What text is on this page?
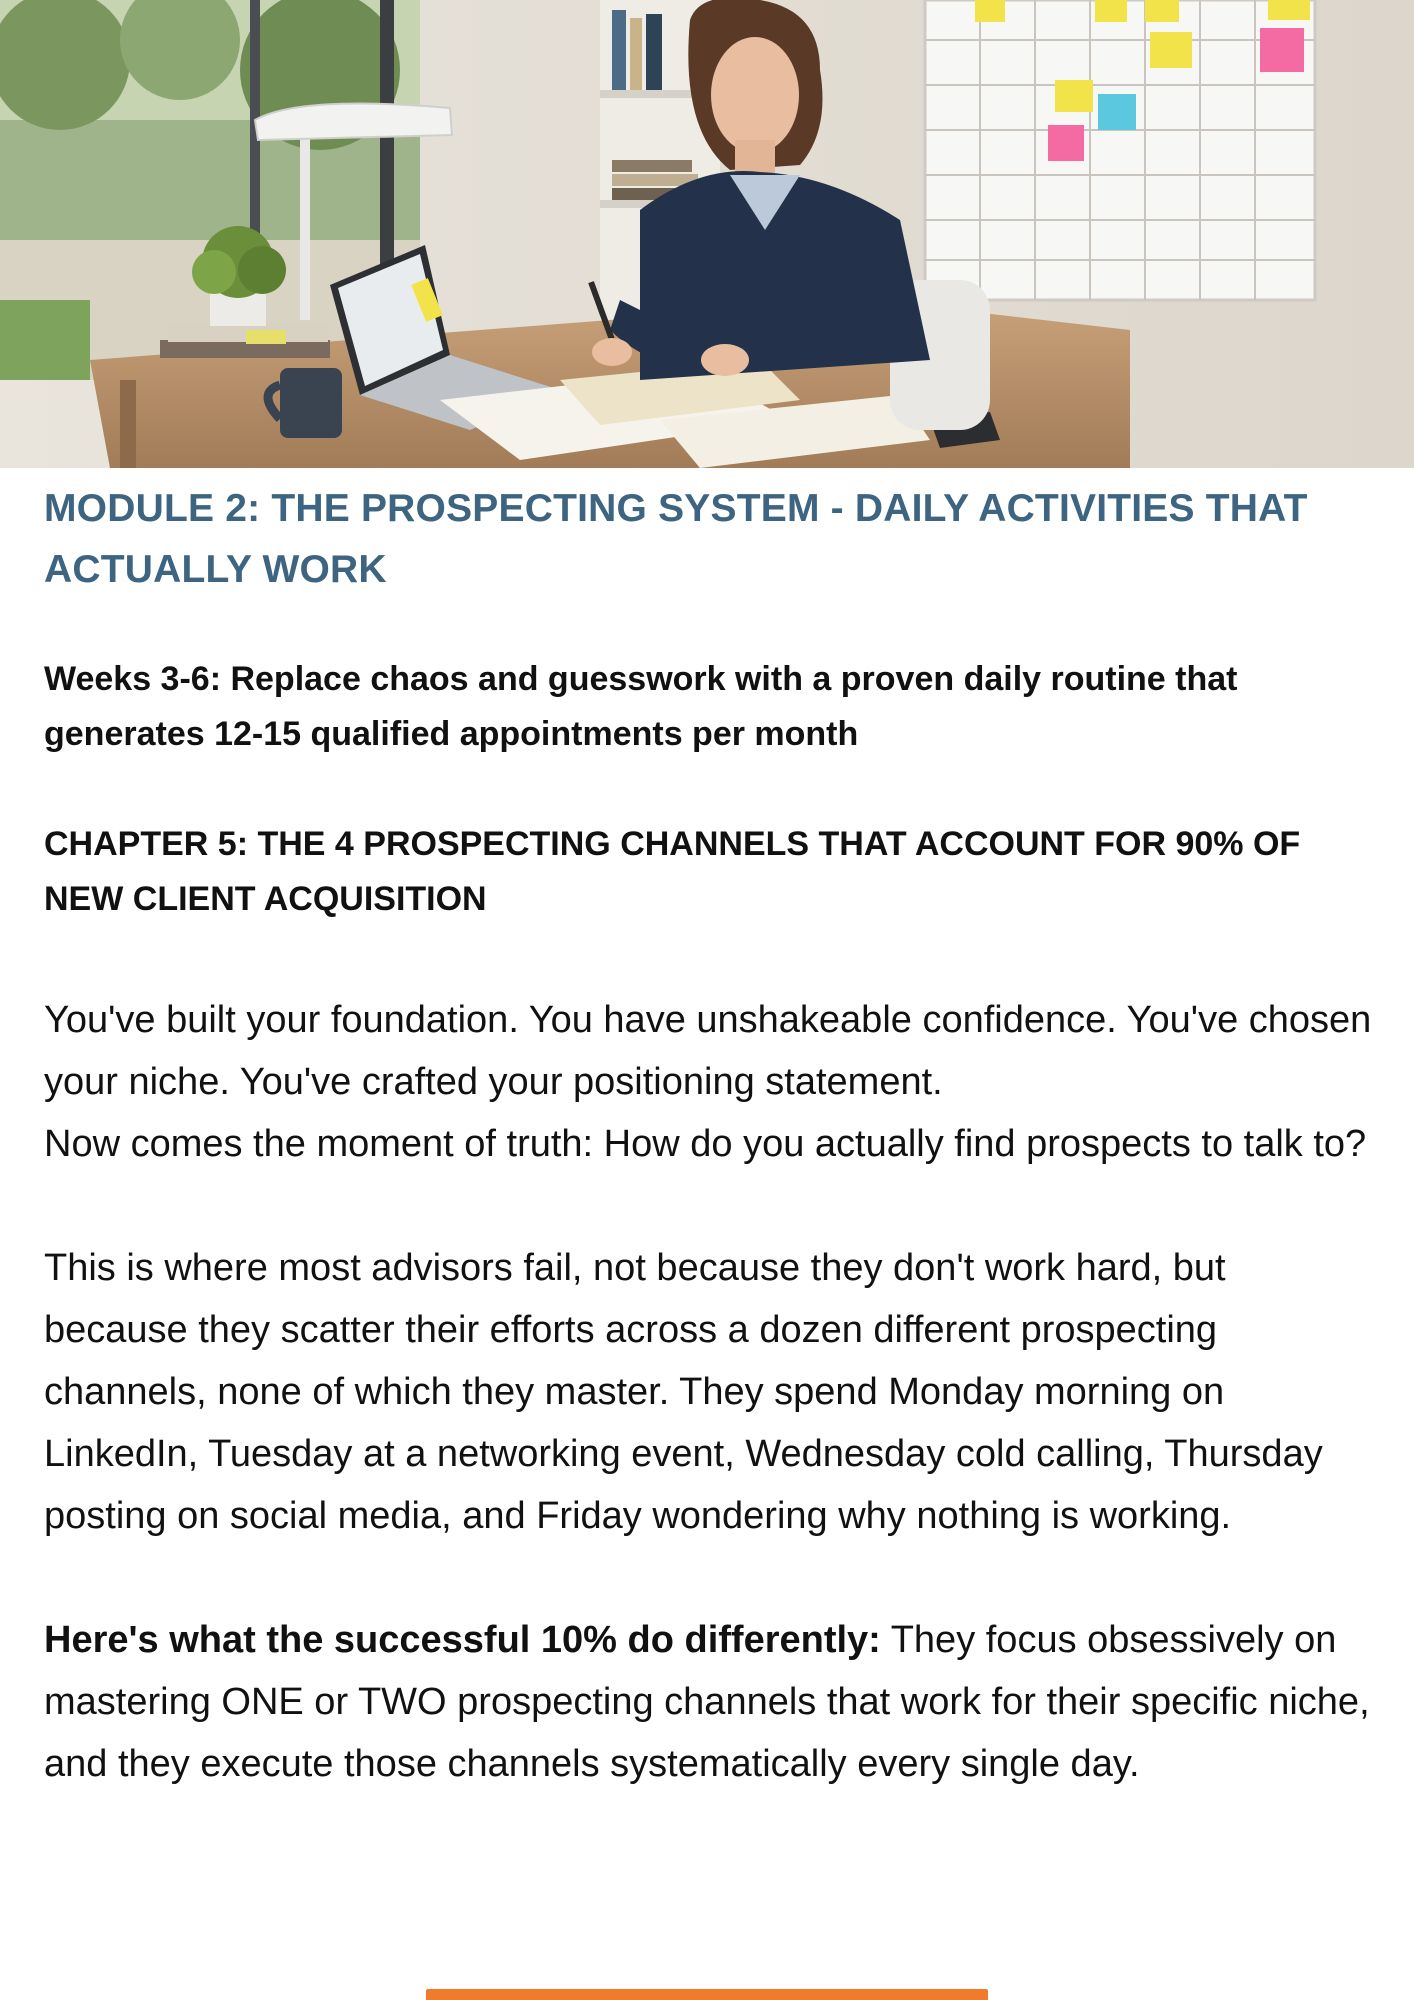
MODULE 2: THE PROSPECTING SYSTEM - DAILY ACTIVITIES THAT ACTUALLY WORK

Weeks 3-6: Replace chaos and guesswork with a proven daily routine that generates 12-15 qualified appointments per month

CHAPTER 5: THE 4 PROSPECTING CHANNELS THAT ACCOUNT FOR 90% OF NEW CLIENT ACQUISITION

You've built your foundation. You have unshakeable confidence. You've chosen your niche. You've crafted your positioning statement.
Now comes the moment of truth: How do you actually find prospects to talk to?

This is where most advisors fail, not because they don't work hard, but because they scatter their efforts across a dozen different prospecting channels, none of which they master. They spend Monday morning on LinkedIn, Tuesday at a networking event, Wednesday cold calling, Thursday posting on social media, and Friday wondering why nothing is working.

Here's what the successful 10% do differently: They focus obsessively on mastering ONE or TWO prospecting channels that work for their specific niche, and they execute those channels systematically every single day.
